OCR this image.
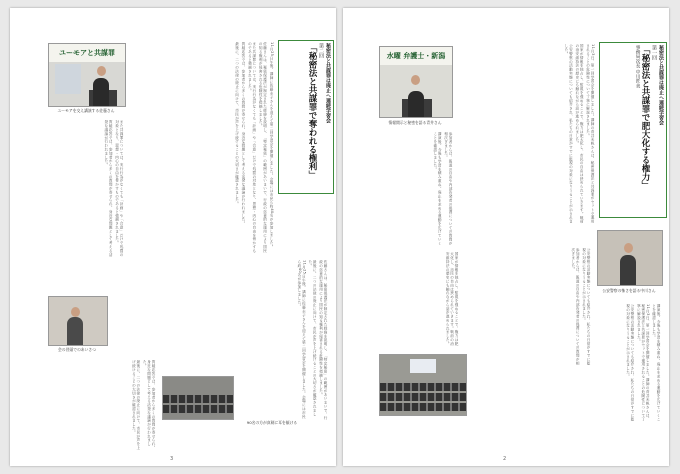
ユーモアと共謀罪
ユーモアを交え講演する佐藤さん	秘密法と共謀罪は廃止へ連続学習会
第二回
「秘密法と共謀罪で奪われる権利」

11月25日午後、講師に佐藤圭子さんを迎えて第二回学習会を開催しました。会場には市民ら約40名が参加しました。

佐藤さんは、秘密保護法が制定された経緯を説明し、「特定秘密」の範囲があいまいで、行政の恣意的な運用により国民の知る権利が侵害される危険性を指摘しました。

また共謀罪については、実行行為がなくても「計画」や「合意」だけで処罰の対象となり、思想・内心の自由を脅かすものであると強調されました。

質疑応答では、参加者から多くの質問が寄せられ、身近な問題として考える活発な議論が行われました。

最後に、二つの法律の廃止に向けて、市民が声を上げ続けることの大切さが確認されました。

また共謀罪については、実行行為がなくても「計画」や「合意」だけで処罰の対象となり、思想・内心の自由を脅かすものであると強調されました。

質疑応答では、参加者から多くの質問が寄せられ、身近な問題として考える活発な議論が行われました。

佐藤さんは、秘密保護法が制定された経緯を説明し、「特定秘密」の範囲があいまいで、行政の恣意的な運用により国民の知る権利が侵害される危険性を指摘しました。

最後に、二つの法律の廃止に向けて、市民が声を上げ続けることの大切さが確認されました。

11月25日午後、講師に佐藤圭子さんを迎えて第二回学習会を開催しました。会場には市民ら約40名が参加しました。

会の冒頭でのあいさつ

質疑応答では、参加者から多くの質問が寄せられ、身近な問題として考える活発な議論が行われました。

最後に、二つの法律の廃止に向けて、市民が声を上げ続けることの大切さが確認されました。	90名の方が真剣に耳を傾ける
3
秘密法と共謀罪は廃止へ連続学習会
第一回
「秘密法と共謀罪で肥大化する権力」
事務局次長 中川匠美
水曜 弁護士・新潟
情報開示と秘密を語る青井さん	11月3日、第一回学習会を開催しました。講師の青井未帆さんは、秘密保護法と共謀罪がセットで運用されることの危険性について丁寧に解説されました。

国家が情報を独占し、監視を強めることで、権力は肥大化し、市民の自由は狭められていきます。戦前の治安維持法の歴史にも触れながら話が進められました。

公安警察の活動実態についても紹介され、私たちの日常がすでに監視の対象になりうることが示されました。

参加者からは、報道の自由や内部告発者の保護についての質問が相次ぎました。

講演後、今後も学習を積み重ね、廃止を求める運動を広げていくことを確認しました。

公安警察の怖さを語る中川さん

公安警察の活動実態についても紹介され、私たちの日常がすでに監視の対象になりうることが示されました。

参加者からは、報道の自由や内部告発者の保護についての質問が相次ぎました。

国家が情報を独占し、監視を強めることで、権力は肥大化し、市民の自由は狭められていきます。戦前の治安維持法の歴史にも触れながら話が進められました。

講演後、今後も学習を積み重ね、廃止を求める運動を広げていくことを確認しました。

11月3日、第一回学習会を開催しました。講師の青井未帆さんは、秘密保護法と共謀罪がセットで運用されることの危険性について丁寧に解説されました。

公安警察の活動実態についても紹介され、私たちの日常がすでに監視の対象になりうることが示されました。

2
